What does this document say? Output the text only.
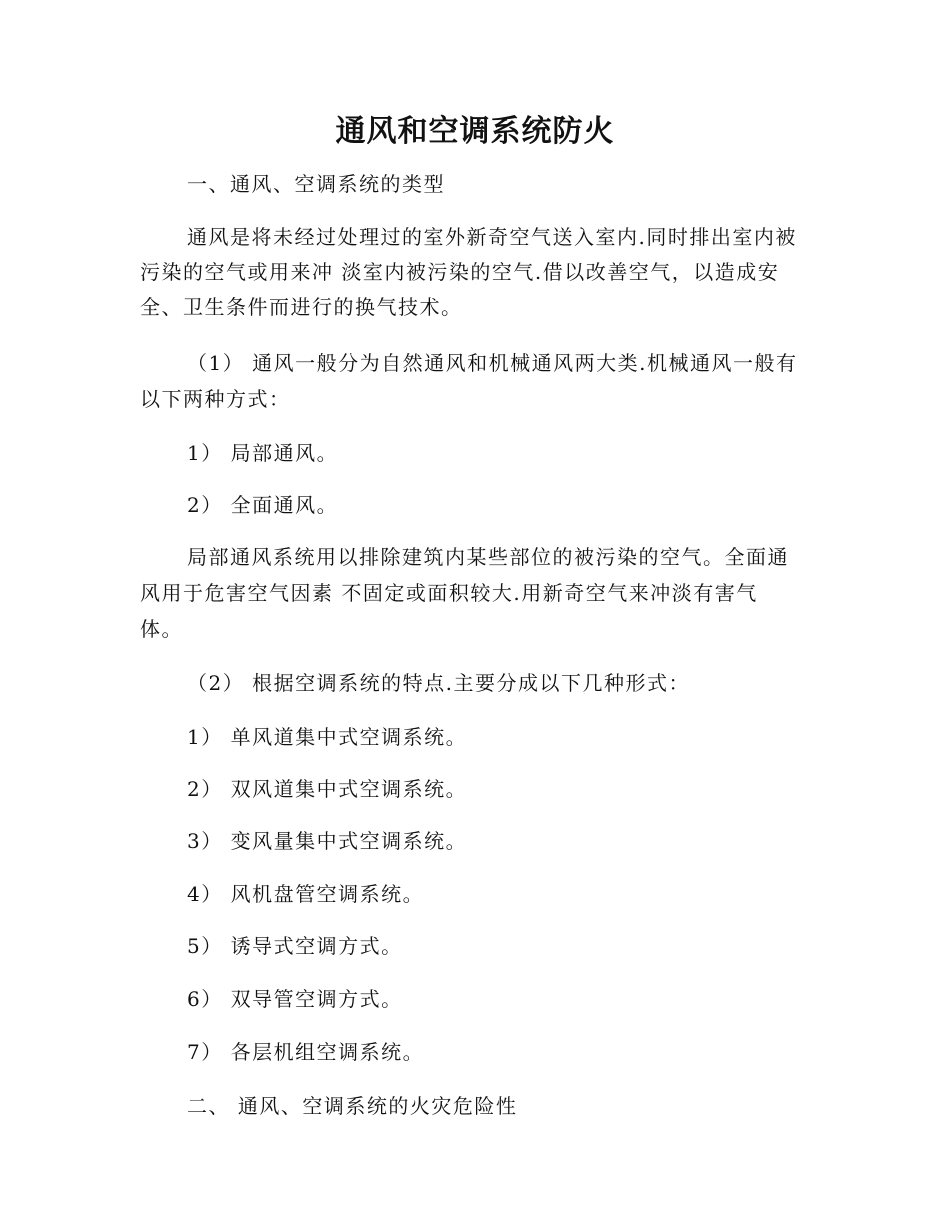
通风和空调系统防火
一、通风、空调系统的类型
通风是将未经过处理过的室外新奇空气送入室内.同时排出室内被
污染的空气或用来冲 淡室内被污染的空气.借以改善空气，以造成安
全、卫生条件而进行的换气技术。
（1） 通风一般分为自然通风和机械通风两大类.机械通风一般有
以下两种方式：
1） 局部通风。
2） 全面通风。
局部通风系统用以排除建筑内某些部位的被污染的空气。全面通
风用于危害空气因素 不固定或面积较大.用新奇空气来冲淡有害气
体。
（2） 根据空调系统的特点.主要分成以下几种形式：
1） 单风道集中式空调系统。
2） 双风道集中式空调系统。
3） 变风量集中式空调系统。
4） 风机盘管空调系统。
5） 诱导式空调方式。
6） 双导管空调方式。
7） 各层机组空调系统。
二、 通风、空调系统的火灾危险性
